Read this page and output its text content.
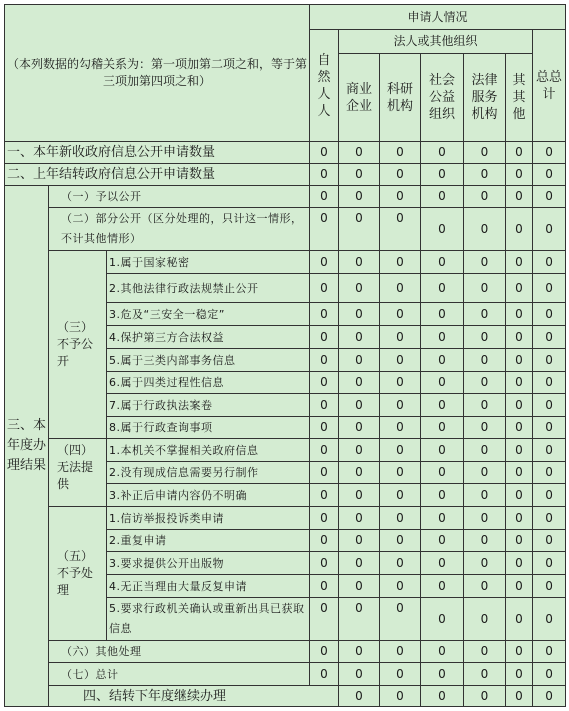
（本列数据的勾稽关系为：第一项加第二项之和，等于第三项加第四项之和）			申请人情况							
			自然人人	法人或其他组织					总总计	
				商业企业	科研机构	社会公益组织	法律服务机构	其其他		
一、本年新收政府信息公开申请数量			0	0	0	0	0	0	0	
二、上年结转政府信息公开申请数量			0	0	0	0	0	0	0	
三、本年度办理结果	（一）予以公开		0	0	0	0	0	0	0	
	（二）部分公开（区分处理的，只计这一情形，不计其他情形）		0	0	0	0	0	0	0	
	（三）不予公开	1.属于国家秘密	0	0	0	0	0	0	0	
		2.其他法律行政法规禁止公开	0	0	0	0	0	0	0	
		3.危及“三安全一稳定”	0	0	0	0	0	0	0	
		4.保护第三方合法权益	0	0	0	0	0	0	0	
		5.属于三类内部事务信息	0	0	0	0	0	0	0	
		6.属于四类过程性信息	0	0	0	0	0	0	0	
		7.属于行政执法案卷	0	0	0	0	0	0	0	
		8.属于行政查询事项	0	0	0	0	0	0	0	
	（四）无法提供	1.本机关不掌握相关政府信息	0	0	0	0	0	0	0	
		2.没有现成信息需要另行制作	0	0	0	0	0	0	0	
		3.补正后申请内容仍不明确	0	0	0	0	0	0	0	
	（五）不予处理	1.信访举报投诉类申请	0	0	0	0	0	0	0	
		2.重复申请	0	0	0	0	0	0	0	
		3.要求提供公开出版物	0	0	0	0	0	0	0	
		4.无正当理由大量反复申请	0	0	0	0	0	0	0	
		5.要求行政机关确认或重新出具已获取信息	0	0	0	0	0	0	0	
	（六）其他处理		0	0	0	0	0	0	0	
	（七）总计		0	0	0	0	0	0	0	
	四、结转下年度继续办理			0	0	0	0	0	0	
